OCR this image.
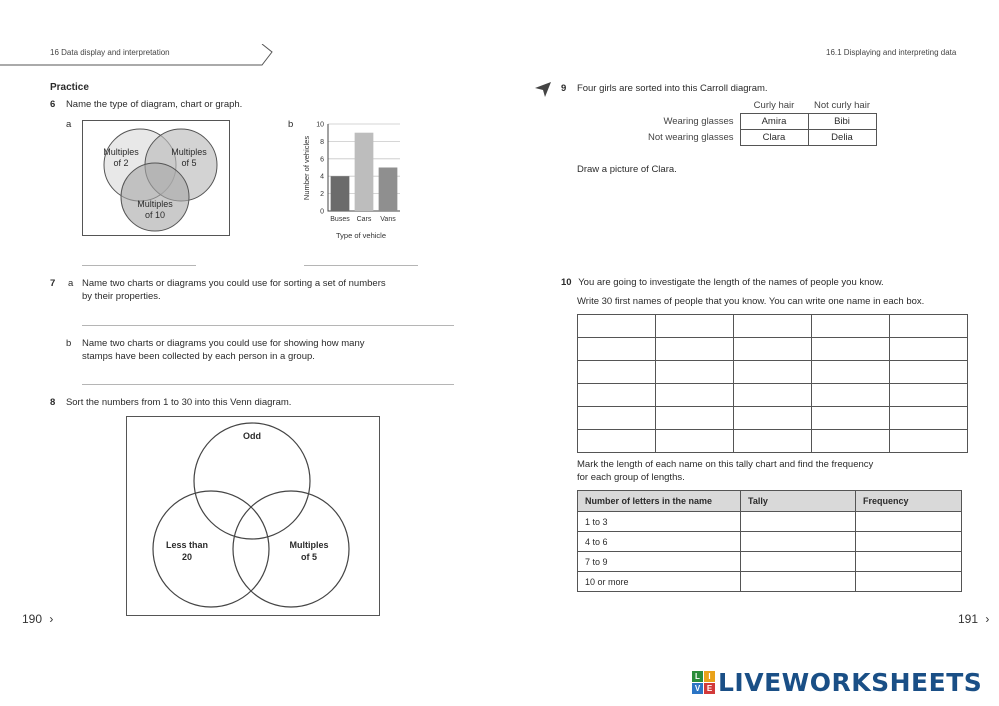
16 Data display and interpretation
Practice
6 Name the type of diagram, chart or graph.
a	b
Multiples
of 2
Multiples
of 5
Multiples
of 10	0
2
4
6
8
10
Buses Cars Vans
Type of vehicle
Number of vehicles
7 a Name two charts or diagrams you could use for sorting a set of numbers
by their properties.
b Name two charts or diagrams you could use for showing how many
stamps have been collected by each person in a group.
8 Sort the numbers from 1 to 30 into this Venn diagram.
Odd
Less than
20
Multiples
of 5
190 ›
16.1 Displaying and interpreting data
9 Four girls are sorted into this Carroll diagram.
	Curly hair	Not curly hair
Wearing glasses	Amira	Bibi
Not wearing glasses	Clara	Delia
Draw a picture of Clara.
10 You are going to investigate the length of the names of people you know.
Write 30 first names of people that you know. You can write one name in each box.

Mark the length of each name on this tally chart and find the frequency
for each group of lengths.
Number of letters in the name	Tally	Frequency
1 to 3		
4 to 6		
7 to 9		
10 or more		
191 ›
L	I
V E LIVEWORKSHEETS
